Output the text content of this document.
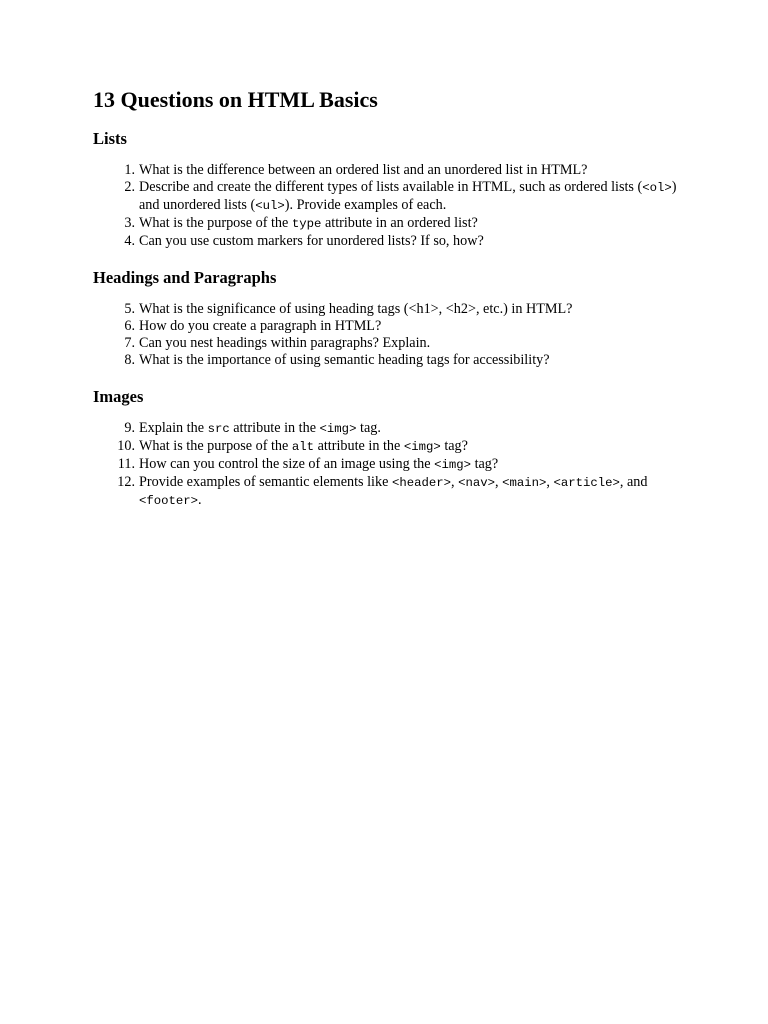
13 Questions on HTML Basics
Lists
1. What is the difference between an ordered list and an unordered list in HTML?
2. Describe and create the different types of lists available in HTML, such as ordered lists (<ol>) and unordered lists (<ul>). Provide examples of each.
3. What is the purpose of the type attribute in an ordered list?
4. Can you use custom markers for unordered lists? If so, how?
Headings and Paragraphs
5. What is the significance of using heading tags (<h1>, <h2>, etc.) in HTML?
6. How do you create a paragraph in HTML?
7. Can you nest headings within paragraphs? Explain.
8. What is the importance of using semantic heading tags for accessibility?
Images
9. Explain the src attribute in the <img> tag.
10. What is the purpose of the alt attribute in the <img> tag?
11. How can you control the size of an image using the <img> tag?
12. Provide examples of semantic elements like <header>, <nav>, <main>, <article>, and <footer>.
